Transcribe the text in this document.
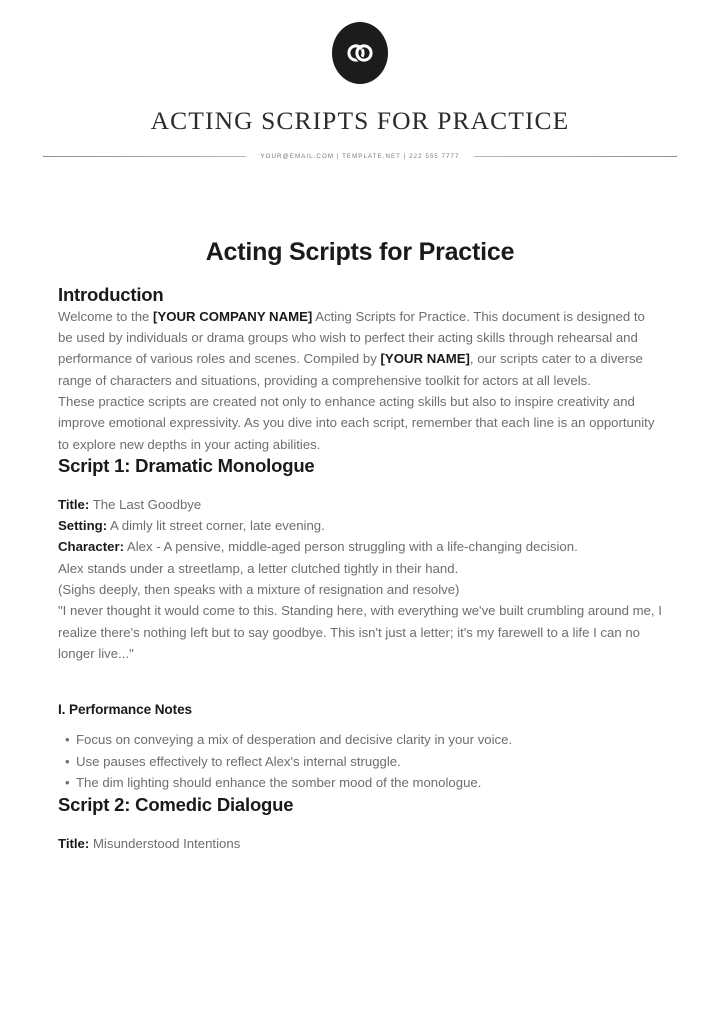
ACTING SCRIPTS FOR PRACTICE
YOUR@EMAIL.COM | TEMPLATE.NET | 222 555 7777
Acting Scripts for Practice
Introduction

Welcome to the [YOUR COMPANY NAME] Acting Scripts for Practice. This document is designed to be used by individuals or drama groups who wish to perfect their acting skills through rehearsal and performance of various roles and scenes. Compiled by [YOUR NAME], our scripts cater to a diverse range of characters and situations, providing a comprehensive toolkit for actors at all levels.

These practice scripts are created not only to enhance acting skills but also to inspire creativity and improve emotional expressivity. As you dive into each script, remember that each line is an opportunity to explore new depths in your acting abilities.

Script 1: Dramatic Monologue
Title: The Last Goodbye
Setting: A dimly lit street corner, late evening.
Character: Alex - A pensive, middle-aged person struggling with a life-changing decision.
Alex stands under a streetlamp, a letter clutched tightly in their hand.
(Sighs deeply, then speaks with a mixture of resignation and resolve)
"I never thought it would come to this. Standing here, with everything we've built crumbling around me, I realize there's nothing left but to say goodbye. This isn't just a letter; it's my farewell to a life I can no longer live..."
I. Performance Notes
• Focus on conveying a mix of desperation and decisive clarity in your voice.
• Use pauses effectively to reflect Alex's internal struggle.
• The dim lighting should enhance the somber mood of the monologue.
Script 2: Comedic Dialogue
Title: Misunderstood Intentions
